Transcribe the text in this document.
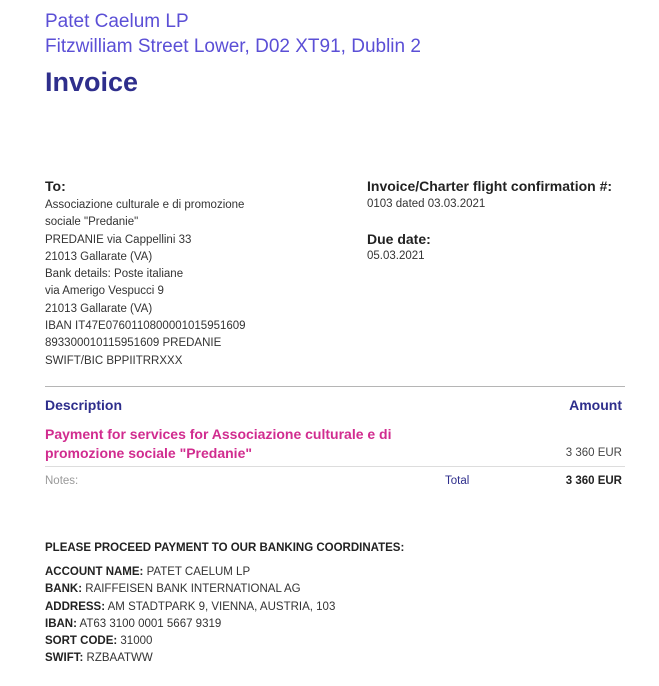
Patet Caelum LP
Fitzwilliam Street Lower, D02 XT91, Dublin 2
Invoice
To:
Associazione culturale e di promozione
sociale "Predanie"
PREDANIE via Cappellini 33
21013 Gallarate (VA)
Bank details: Poste italiane
via Amerigo Vespucci 9
21013 Gallarate (VA)
IBAN IT47E0760110800001015951609
893300010115951609 PREDANIE
SWIFT/BIC BPPIITRRXXX
Invoice/Charter flight confirmation #:
0103 dated 03.03.2021
Due date:
05.03.2021
Description	Amount
Payment for services for Associazione culturale e di promozione sociale "Predanie"	3 360 EUR
Notes:	Total	3 360 EUR
PLEASE PROCEED PAYMENT TO OUR BANKING COORDINATES:
ACCOUNT NAME: PATET CAELUM LP
BANK: RAIFFEISEN BANK INTERNATIONAL AG
ADDRESS: AM STADTPARK 9, VIENNA, AUSTRIA, 103
IBAN: AT63 3100 0001 5667 9319
SORT CODE: 31000
SWIFT: RZBAATWW
